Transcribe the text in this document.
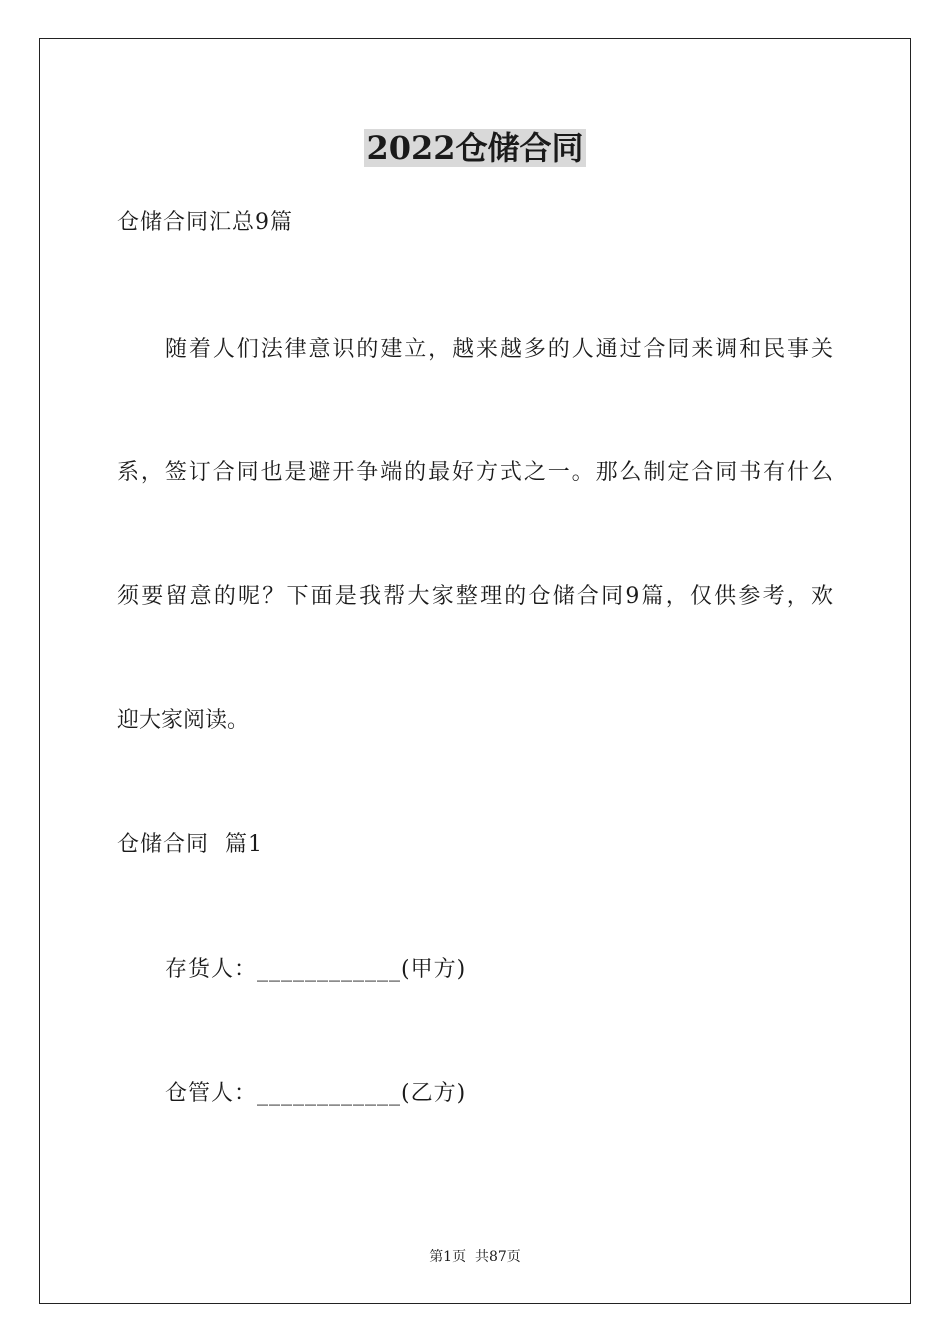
2022仓储合同
仓储合同汇总9篇
随着人们法律意识的建立，越来越多的人通过合同来调和民事关
系，签订合同也是避开争端的最好方式之一。那么制定合同书有什么
须要留意的呢？下面是我帮大家整理的仓储合同9篇，仅供参考，欢
迎大家阅读。
仓储合同  篇1
存货人：____________(甲方)
仓管人：____________(乙方)
第1页  共87页
